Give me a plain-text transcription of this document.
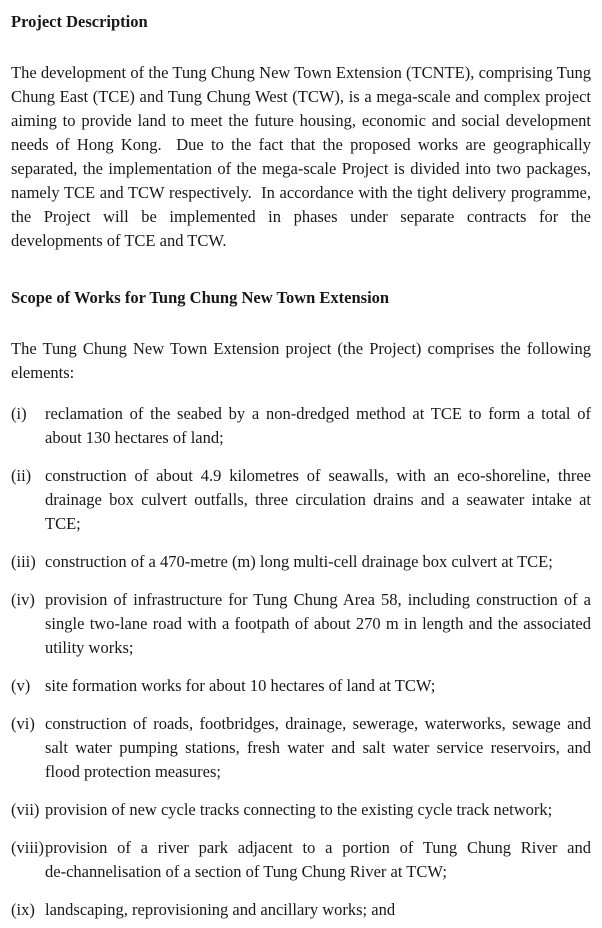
Project Description

The development of the Tung Chung New Town Extension (TCNTE), comprising Tung Chung East (TCE) and Tung Chung West (TCW), is a mega-scale and complex project aiming to provide land to meet the future housing, economic and social development needs of Hong Kong.  Due to the fact that the proposed works are geographically separated, the implementation of the mega-scale Project is divided into two packages, namely TCE and TCW respectively.  In accordance with the tight delivery programme, the Project will be implemented in phases under separate contracts for the developments of TCE and TCW.

Scope of Works for Tung Chung New Town Extension

The Tung Chung New Town Extension project (the Project) comprises the following elements:

(i)	reclamation of the seabed by a non-dredged method at TCE to form a total of about 130 hectares of land;
(ii) construction of about 4.9 kilometres of seawalls, with an eco-shoreline, three drainage box culvert outfalls, three circulation drains and a seawater intake at TCE;
(iii) construction of a 470-metre (m) long multi-cell drainage box culvert at TCE;
(iv) provision of infrastructure for Tung Chung Area 58, including construction of a single two-lane road with a footpath of about 270 m in length and the associated utility works;
(v) site formation works for about 10 hectares of land at TCW;
(vi) construction of roads, footbridges, drainage, sewerage, waterworks, sewage and salt water pumping stations, fresh water and salt water service reservoirs, and flood protection measures;
(vii) provision of new cycle tracks connecting to the existing cycle track network;
(viii) provision of a river park adjacent to a portion of Tung Chung River and de‑channelisation of a section of Tung Chung River at TCW;
(ix) landscaping, reprovisioning and ancillary works; and
